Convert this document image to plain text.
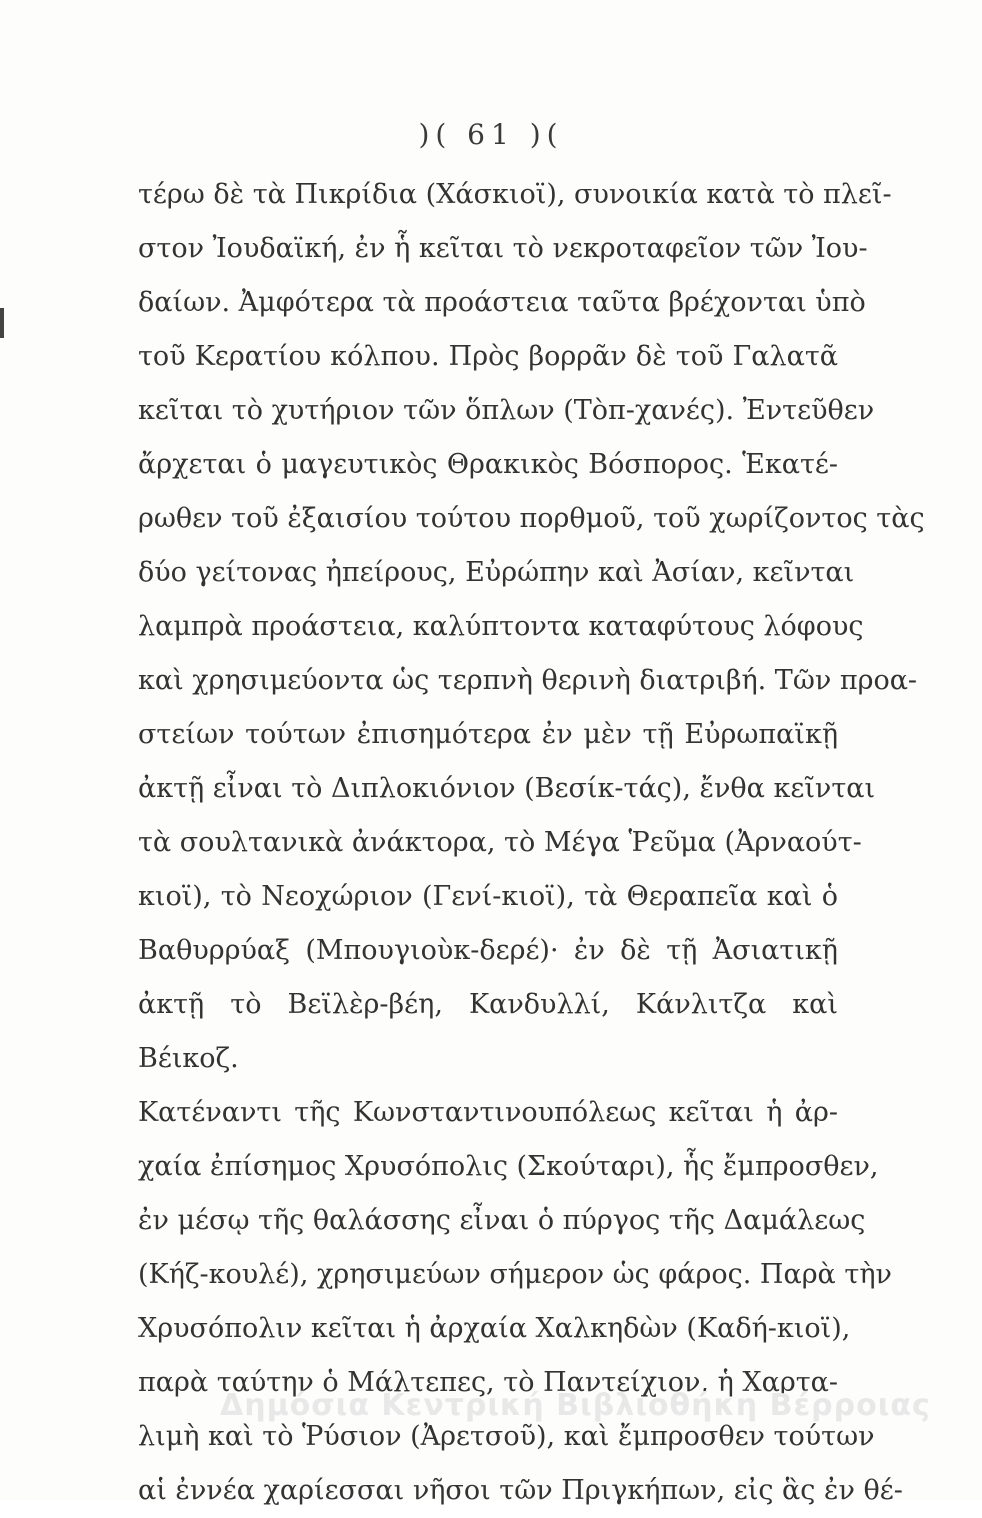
)( 61 )(
τέρω δὲ τὰ Πικρίδια (Χάσκιοϊ), συνοικία κατὰ τὸ πλεῖ-
στον Ἰουδαϊκή, ἐν ἧ κεῖται τὸ νεκροταφεῖον τῶν Ἰου-
δαίων. Ἀμφότερα τὰ προάστεια ταῦτα βρέχονται ὑπὸ
τοῦ Κερατίου κόλπου. Πρὸς βορρᾶν δὲ τοῦ Γαλατᾶ
κεῖται τὸ χυτήριον τῶν ὅπλων (Τὸπ-χανές). Ἐντεῦθεν
ἄρχεται ὁ μαγευτικὸς Θρακικὸς Βόσπορος. Ἑκατέ-
ρωθεν τοῦ ἐξαισίου τούτου πορθμοῦ, τοῦ χωρίζοντος τὰς
δύο γείτονας ἠπείρους, Εὐρώπην καὶ Ἀσίαν, κεῖνται
λαμπρὰ προάστεια, καλύπτοντα καταφύτους λόφους
καὶ χρησιμεύοντα ὡς τερπνὴ θερινὴ διατριβή. Τῶν προα-
στείων τούτων ἐπισημότερα ἐν μὲν τῇ Εὐρωπαϊκῇ
ἀκτῇ εἶναι τὸ Διπλοκιόνιον (Βεσίκ-τάς), ἔνθα κεῖνται
τὰ σουλτανικὰ ἀνάκτορα, τὸ Μέγα Ῥεῦμα (Ἀρναούτ-
κιοϊ), τὸ Νεοχώριον (Γενί-κιοϊ), τὰ Θεραπεῖα καὶ ὁ
Βαθυρρύαξ (Μπουγιοὺκ-δερέ)· ἐν δὲ τῇ Ἀσιατικῇ
ἀκτῇ τὸ Βεϊλὲρ-βέη, Κανδυλλί, Κάνλιτζα καὶ
Βέικοζ.
Κατέναντι τῆς Κωνσταντινουπόλεως κεῖται ἡ ἀρ-
χαία ἐπίσημος Χρυσόπολις (Σκούταρι), ἧς ἔμπροσθεν,
ἐν μέσῳ τῆς θαλάσσης εἶναι ὁ πύργος τῆς Δαμάλεως
(Κήζ-κουλέ), χρησιμεύων σήμερον ὡς φάρος. Παρὰ τὴν
Χρυσόπολιν κεῖται ἡ ἀρχαία Χαλκηδὼν (Καδή-κιοϊ),
παρὰ ταύτην ὁ Μάλτεπες, τὸ Παντείχιον, ἡ Χαρτα-
λιμὴ καὶ τὸ Ῥύσιον (Ἀρετσοῦ), καὶ ἔμπροσθεν τούτων
αἱ ἐννέα χαρίεσσαι νῆσοι τῶν Πριγκήπων, εἰς ἃς ἐν θέ-
Δημόσια Κεντρική Βιβλιοθήκη Βέρροιας
